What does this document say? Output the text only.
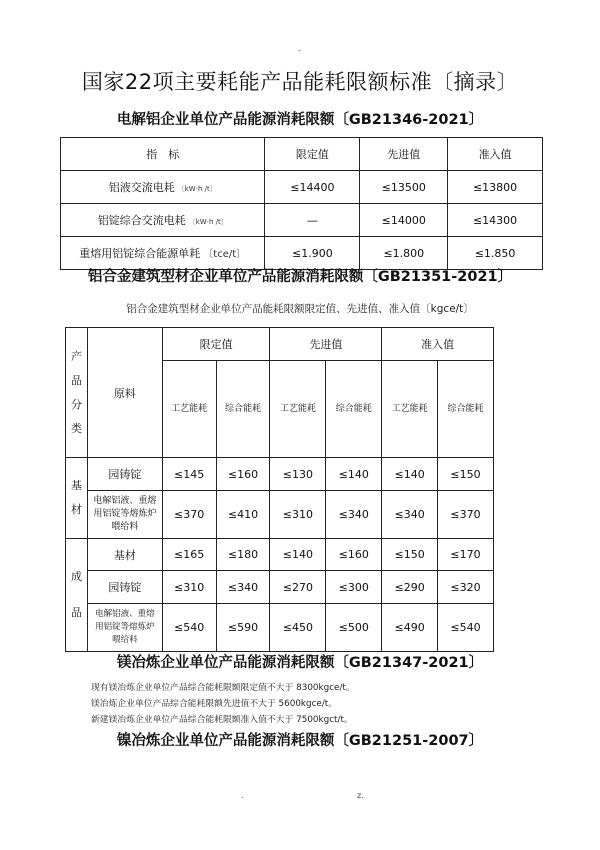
-
国家22项主要耗能产品能耗限额标准〔摘录〕
电解铝企业单位产品能源消耗限额〔GB21346-2021〕
指　标	限定值	先进值	准入值
铝液交流电耗 〔kW·h /t〕	≤14400	≤13500	≤13800
铝锭综合交流电耗 〔kW·h /t〕	—	≤14000	≤14300
重熔用铝锭综合能源单耗 〔tce/t〕	≤1.900	≤1.800	≤1.850
铝合金建筑型材企业单位产品能源消耗限额〔GB21351-2021〕
铝合金建筑型材企业单位产品能耗限额限定值、先进值、准入值〔kgce/t〕
产品分类	原料	限定值		先进值		准入值	
		工艺能耗	综合能耗	工艺能耗	综合能耗	工艺能耗	综合能耗
基材	园铸锭	≤145	≤160	≤130	≤140	≤140	≤150
	电解铝液、重熔用铝锭等熔炼炉喂给料	≤370	≤410	≤310	≤340	≤340	≤370
成品	基材	≤165	≤180	≤140	≤160	≤150	≤170
	园铸锭	≤310	≤340	≤270	≤300	≤290	≤320
	电解铝液、重熔用铝锭等熔炼炉喂给料	≤540	≤590	≤450	≤500	≤490	≤540
镁冶炼企业单位产品能源消耗限额〔GB21347-2021〕
现有镁冶炼企业单位产品综合能耗限额限定值不大于 8300kgce/t。
镁冶炼企业单位产品综合能耗限额先进值不大于 5600kgce/t。
新建镁冶炼企业单位产品综合能耗限额准入值不大于 7500kgct/t。
镍冶炼企业单位产品能源消耗限额〔GB21251-2007〕
.	z.
